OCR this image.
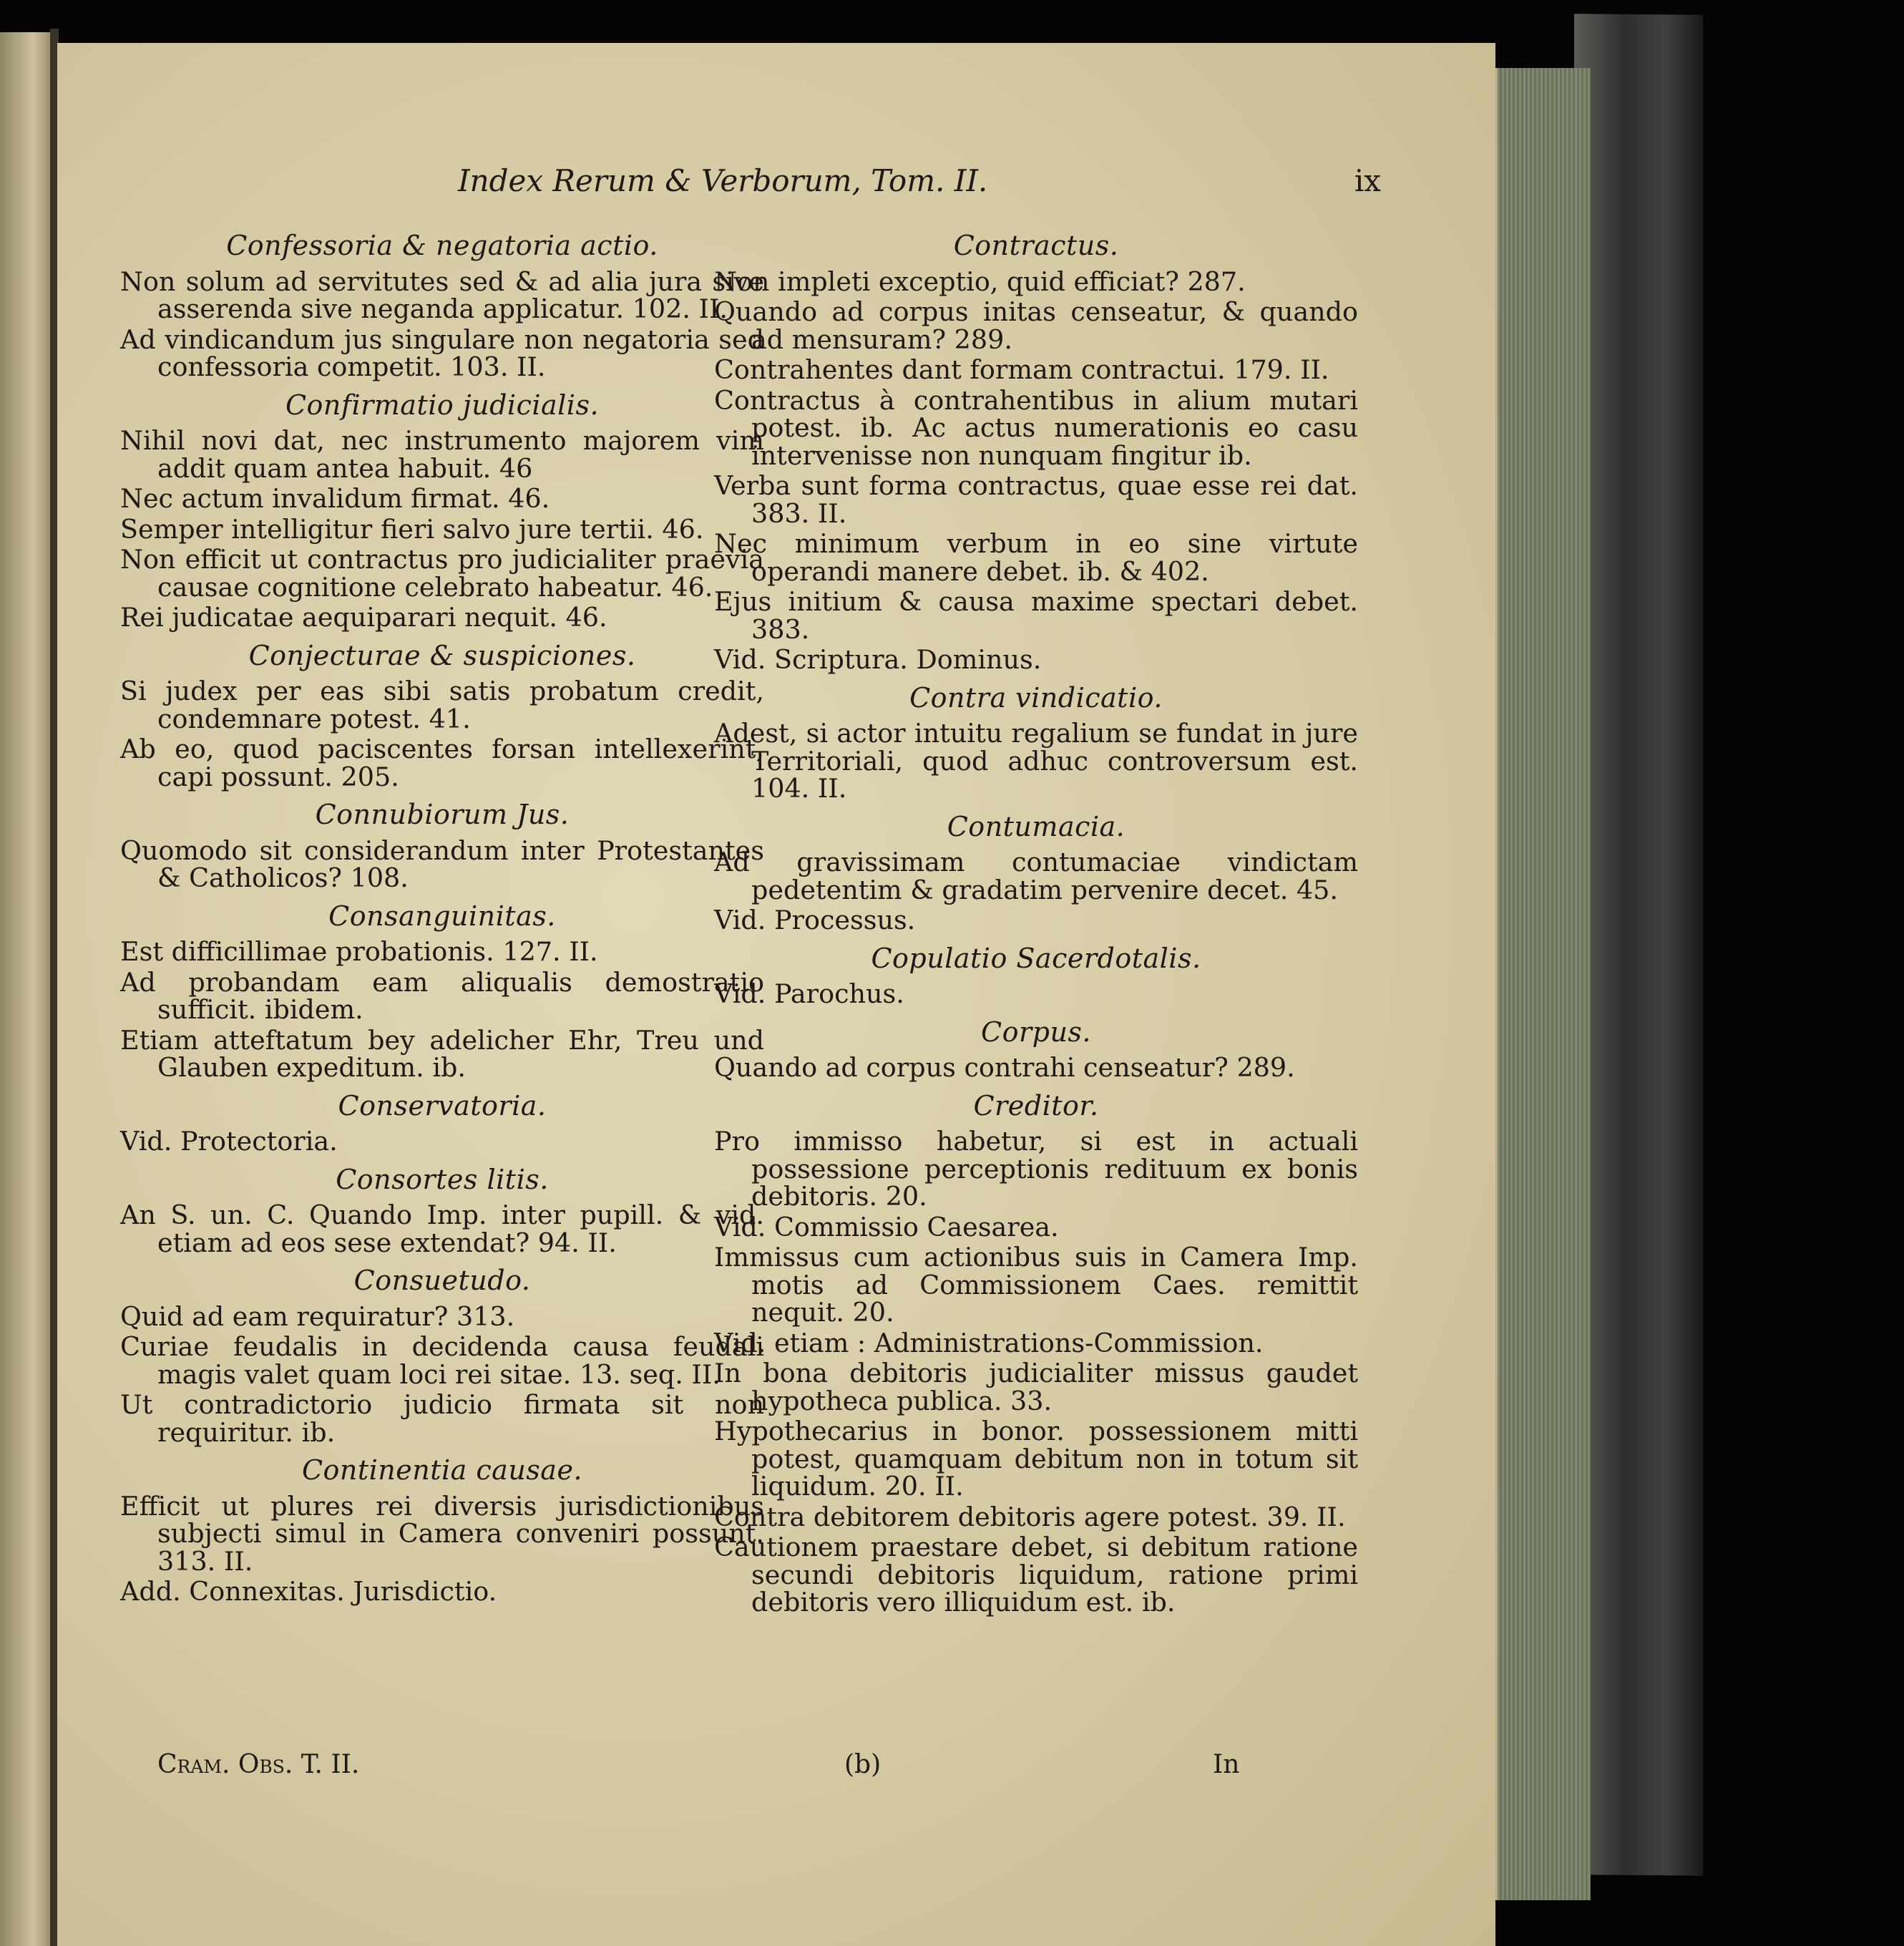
Index Rerum & Verborum, Tom. II.	ix
Confessoria & negatoria actio.
Non solum ad servitutes sed & ad alia jura sive asserenda sive neganda applicatur. 102. II.
Ad vindicandum jus singulare non negatoria sed confessoria competit. 103. II.
Confirmatio judicialis.
Nihil novi dat, nec instrumento majorem vim addit quam antea habuit. 46
Nec actum invalidum firmat. 46.
Semper intelligitur fieri salvo jure tertii. 46.
Non efficit ut contractus pro judicialiter praevia causae cognitione celebrato habeatur. 46.
Rei judicatae aequiparari nequit. 46.
Conjecturae & suspiciones.
Si judex per eas sibi satis probatum credit, condemnare potest. 41.
Ab eo, quod paciscentes forsan intellexerint, capi possunt. 205.
Connubiorum Jus.
Quomodo sit considerandum inter Protestantes & Catholicos? 108.
Consanguinitas.
Est difficillimae probationis. 127. II.
Ad probandam eam aliqualis demostratio sufficit. ibidem.
Etiam atteftatum bey adelicher Ehr, Treu und Glauben expeditum. ib.
Conservatoria.
Vid. Protectoria.
Consortes litis.
An S. un. C. Quando Imp. inter pupill. & vid. etiam ad eos sese extendat? 94. II.
Consuetudo.
Quid ad eam requiratur? 313.
Curiae feudalis in decidenda causa feudali magis valet quam loci rei sitae. 13. seq. II.
Ut contradictorio judicio firmata sit non requiritur. ib.
Continentia causae.
Efficit ut plures rei diversis jurisdictionibus subjecti simul in Camera conveniri possunt. 313. II.
Add. Connexitas. Jurisdictio.
Contractus.
Non impleti exceptio, quid efficiat? 287.
Quando ad corpus initas censeatur, & quando ad mensuram? 289.
Contrahentes dant formam contractui. 179. II.
Contractus à contrahentibus in alium mutari potest. ib. Ac actus numerationis eo casu intervenisse non nunquam fingitur ib.
Verba sunt forma contractus, quae esse rei dat. 383. II.
Nec minimum verbum in eo sine virtute operandi manere debet. ib. & 402.
Ejus initium & causa maxime spectari debet. 383.
Vid. Scriptura. Dominus.
Contra vindicatio.
Adest, si actor intuitu regalium se fundat in jure Territoriali, quod adhuc controversum est. 104. II.
Contumacia.
Ad gravissimam contumaciae vindictam pedetentim & gradatim pervenire decet. 45.
Vid. Processus.
Copulatio Sacerdotalis.
Vid. Parochus.
Corpus.
Quando ad corpus contrahi censeatur? 289.
Creditor.
Pro immisso habetur, si est in actuali possessione perceptionis redituum ex bonis debitoris. 20.
Vid. Commissio Caesarea.
Immissus cum actionibus suis in Camera Imp. motis ad Commissionem Caes. remittit nequit. 20.
Vid. etiam : Administrations-Commission.
In bona debitoris judicialiter missus gaudet hypotheca publica. 33.
Hypothecarius in bonor. possessionem mitti potest, quamquam debitum non in totum sit liquidum. 20. II.
Contra debitorem debitoris agere potest. 39. II.
Cautionem praestare debet, si debitum ratione secundi debitoris liquidum, ratione primi debitoris vero illiquidum est. ib.
Cram. Obs. T. II.	(b)	In
